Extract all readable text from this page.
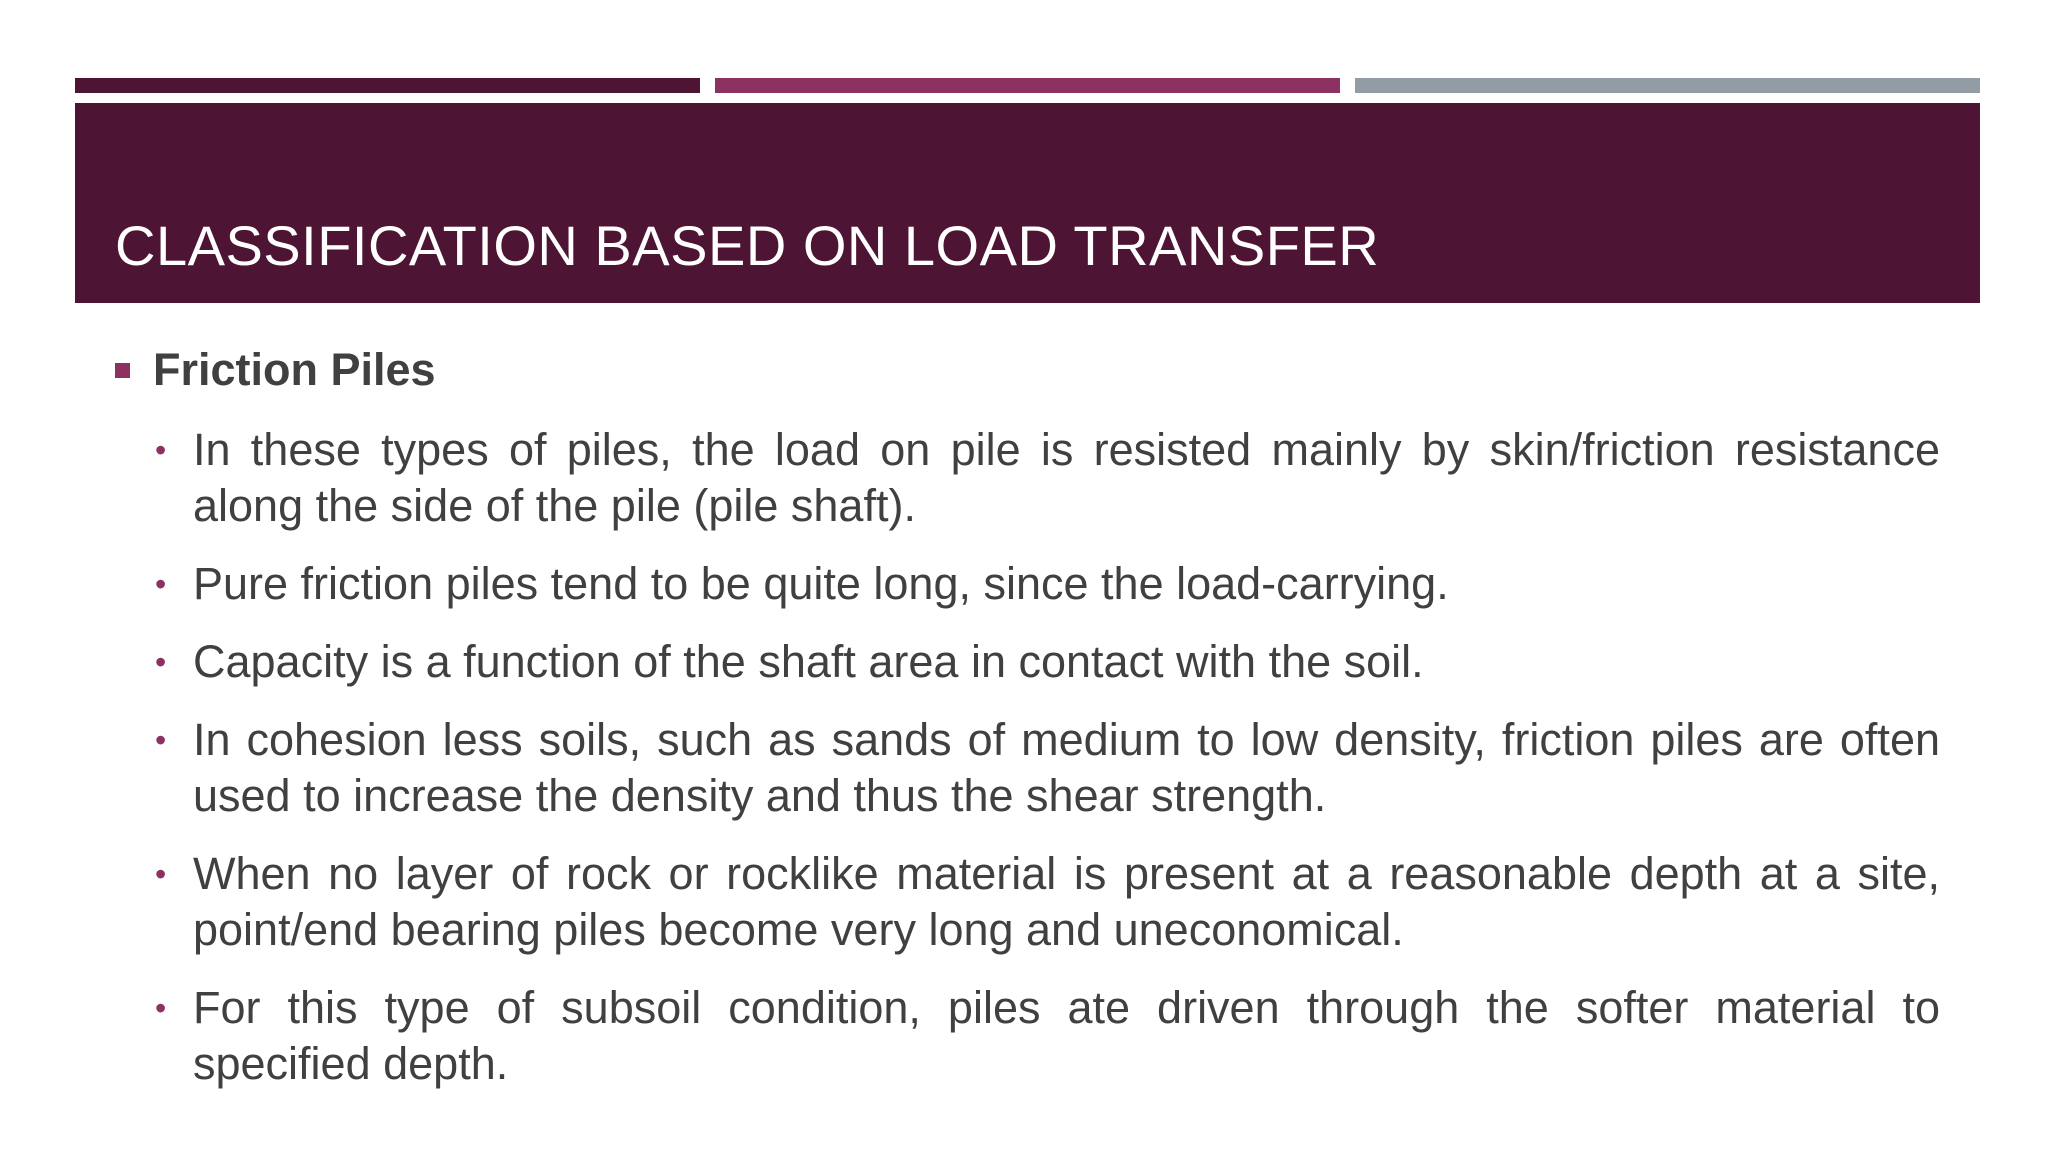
CLASSIFICATION BASED ON LOAD TRANSFER
Friction Piles
• In these types of piles, the load on pile is resisted mainly by skin/friction resistance along the side of the pile (pile shaft).
• Pure friction piles tend to be quite long, since the load-carrying.
• Capacity is a function of the shaft area in contact with the soil.
• In cohesion less soils, such as sands of medium to low density, friction piles are often used to increase the density and thus the shear strength.
• When no layer of rock or rocklike material is present at a reasonable depth at a site, point/end bearing piles become very long and uneconomical.
• For this type of subsoil condition, piles ate driven through the softer material to specified depth.
